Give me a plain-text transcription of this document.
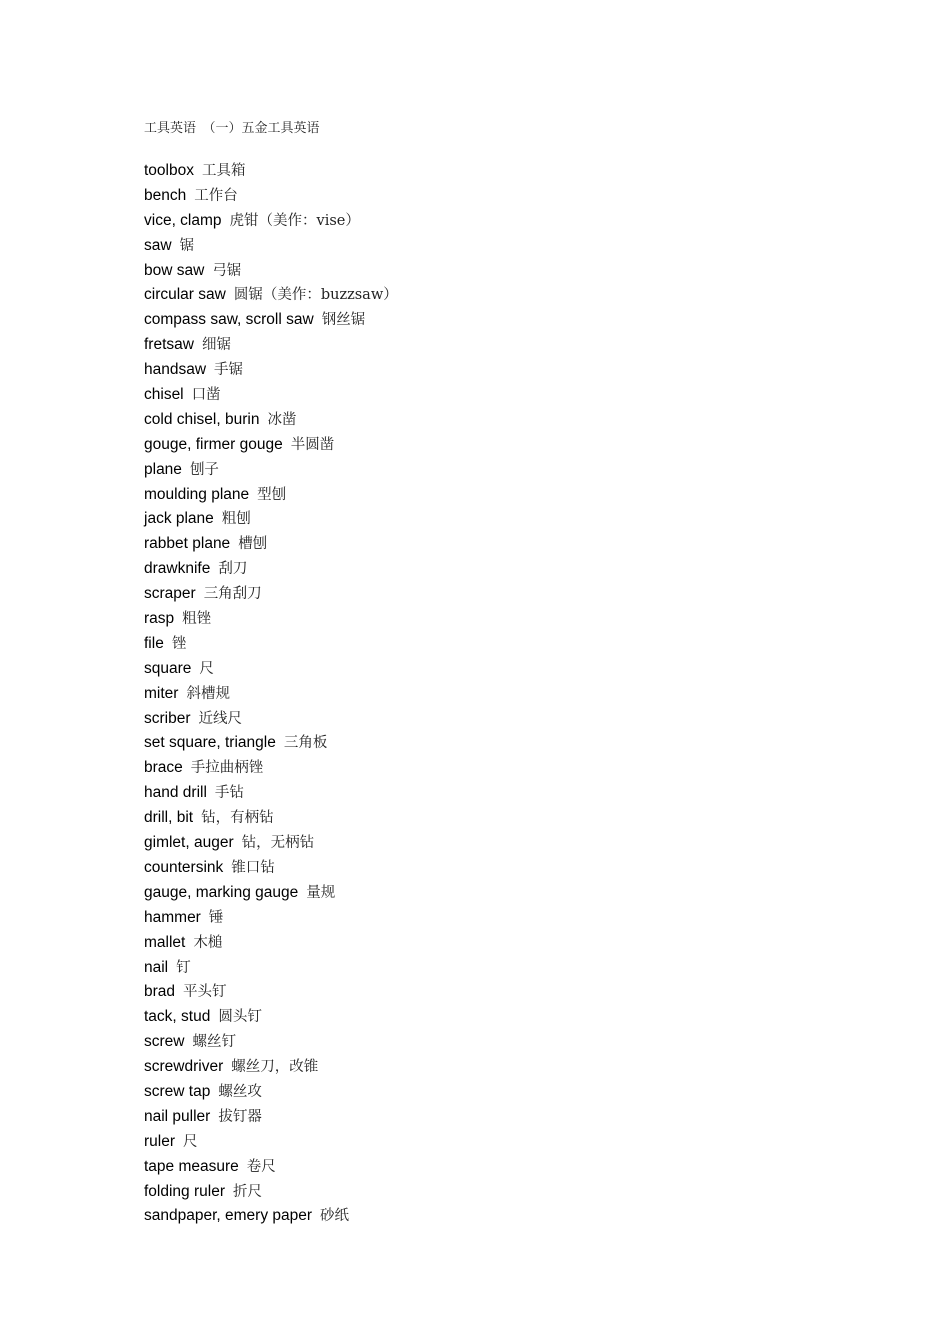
工具英语　（一）五金工具英语
toolbox 工具箱
bench 工作台
vice, clamp 虎钳（美作：vise）
saw 锯
bow saw 弓锯
circular saw 圆锯（美作：buzzsaw）
compass saw, scroll saw 钢丝锯
fretsaw 细锯
handsaw 手锯
chisel 口凿
cold chisel, burin 冰凿
gouge, firmer gouge 半圆凿
plane 刨子
moulding plane 型刨
jack plane 粗刨
rabbet plane 槽刨
drawknife 刮刀
scraper 三角刮刀
rasp 粗锉
file 锉
square 尺
miter 斜槽规
scriber 近线尺
set square, triangle 三角板
brace 手拉曲柄锉
hand drill 手钻
drill, bit 钻，有柄钻
gimlet, auger 钻，无柄钻
countersink 锥口钻
gauge, marking gauge 量规
hammer 锤
mallet 木槌
nail 钉
brad 平头钉
tack, stud 圆头钉
screw 螺丝钉
screwdriver 螺丝刀，改锥
screw tap 螺丝攻
nail puller 拔钉器
ruler 尺
tape measure 卷尺
folding ruler 折尺
sandpaper, emery paper 砂纸
